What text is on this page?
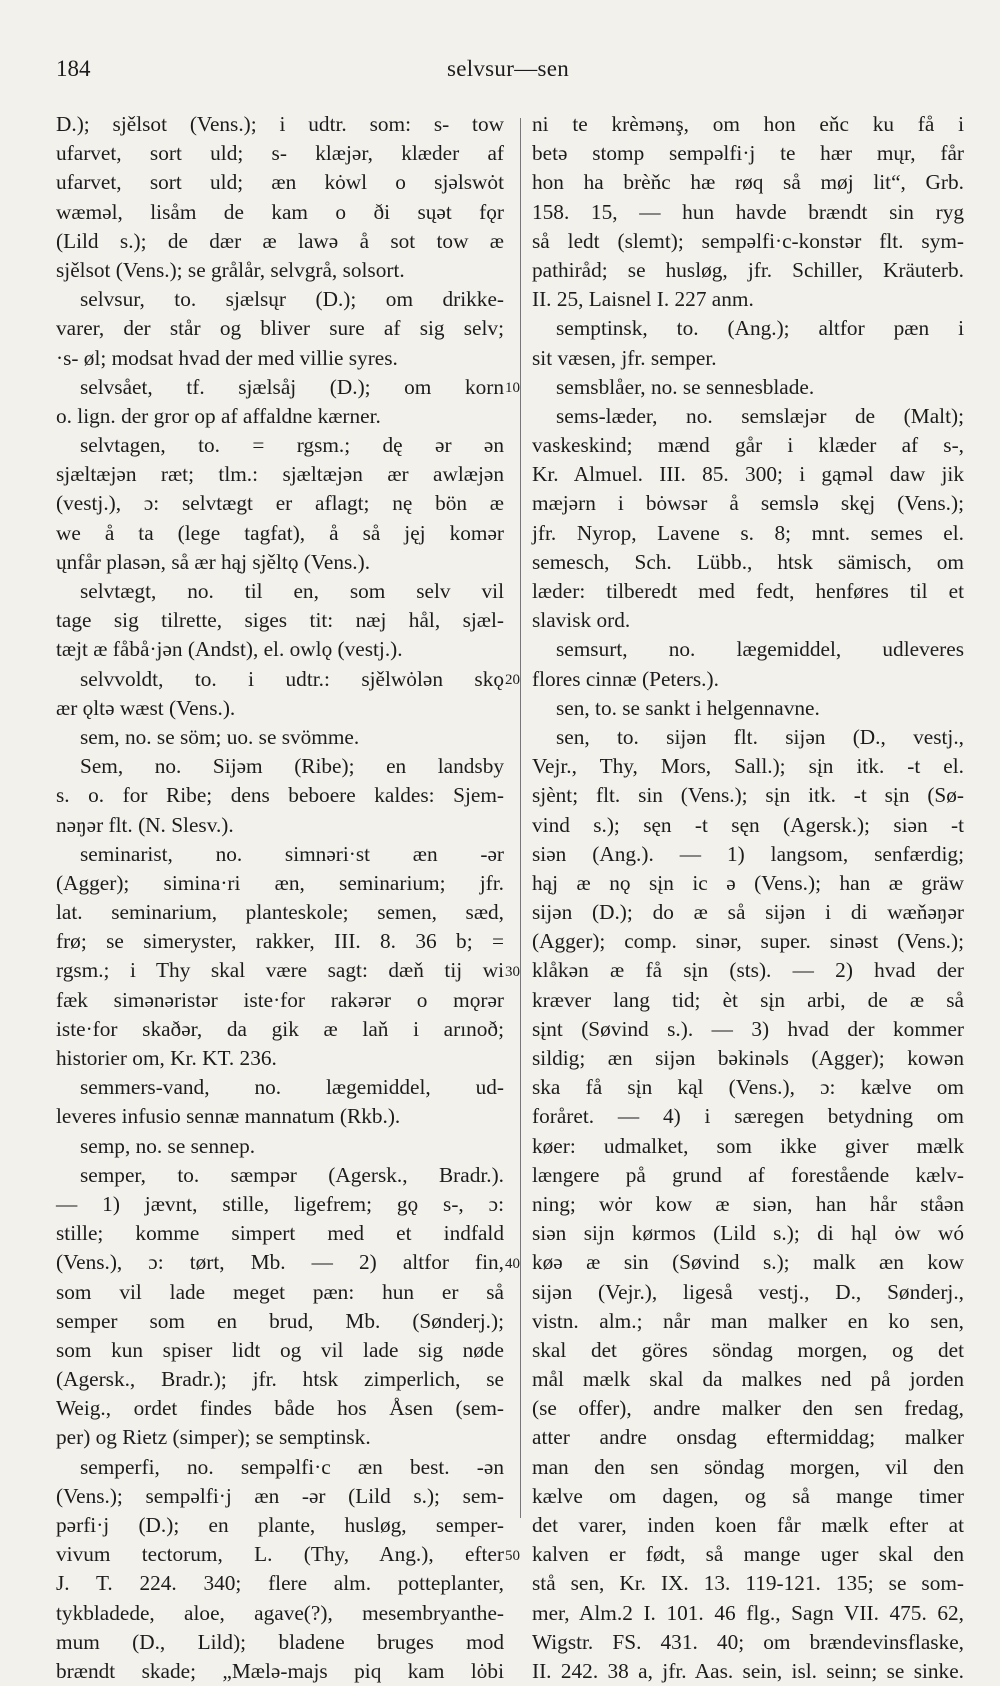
184	selvsur—sen
D.); sjělsot (Vens.); i udtr. som: s- tow
ufarvet, sort uld; s- klæjər, klæder af
ufarvet, sort uld; æn kȯwl o sjəlswȯt
wæməl, lisåm de kam o ði sųət fǫr
(Lild s.); de dær æ lawə å sot tow æ
sjělsot (Vens.); se grålår, selvgrå, solsort.
selvsur, to. sjælsųr (D.); om drikke-
varer, der står og bliver sure af sig selv;
·s- øl; modsat hvad der med villie syres.
selvsået, tf. sjælsåj (D.); om korn
o. lign. der gror op af affaldne kærner.
selvtagen, to. = rgsm.; dę ər ən
sjæltæjən ræt; tlm.: sjæltæjən ær awlæjən
(vestj.), ɔ: selvtægt er aflagt; nę bön æ
we å ta (lege tagfat), å så jęj komər
ųnfår plasən, så ær hąj sjěltǫ (Vens.).
selvtægt, no. til en, som selv vil
tage sig tilrette, siges tit: næj hål, sjæl-
tæjt æ fåbå·jən (Andst), el. owlǫ (vestj.).
selvvoldt, to. i udtr.: sjělwȯlən skǫ
ær ǫltə wæst (Vens.).
sem, no. se söm; uo. se svömme.
Sem, no. Sijəm (Ribe); en landsby
s. o. for Ribe; dens beboere kaldes: Sjem-
nəŋər flt. (N. Slesv.).
seminarist, no. simnəri·st æn -ər
(Agger); simina·ri æn, seminarium; jfr.
lat. seminarium, planteskole; semen, sæd,
frø; se simeryster, rakker, III. 8. 36 b; =
rgsm.; i Thy skal være sagt: dæň tij wi
fæk simənəristər iste·for rakərər o mǫrər
iste·for skaðər, da gik æ laň i arınoð;
historier om, Kr. KT. 236.
semmers-vand, no. lægemiddel, ud-
leveres infusio sennæ mannatum (Rkb.).
semp, no. se sennep.
semper, to. sæmpər (Agersk., Bradr.).
— 1) jævnt, stille, ligefrem; gǫ s-, ɔ:
stille; komme simpert med et indfald
(Vens.), ɔ: tørt, Mb. — 2) altfor fin,
som vil lade meget pæn: hun er så
semper som en brud, Mb. (Sønderj.);
som kun spiser lidt og vil lade sig nøde
(Agersk., Bradr.); jfr. htsk zimperlich, se
Weig., ordet findes både hos Åsen (sem-
per) og Rietz (simper); se semptinsk.
semperfi, no. sempəlfi·c æn best. -ən
(Vens.); sempəlfi·j æn -ər (Lild s.); sem-
pərfi·j (D.); en plante, husløg, semper-
vivum tectorum, L. (Thy, Ang.), efter
J. T. 224. 340; flere alm. potteplanter,
tykbladede, aloe, agave(?), mesembryanthe-
mum (D., Lild); bladene bruges mod
brændt skade; „Mælə-majs piq kam lȯbi
ni te krèmənş, om hon eňc ku få i
betə stomp sempəlfi·j te hær mųr, får
hon ha brèňc hæ røq så møj lit“, Grb.
158. 15, — hun havde brændt sin ryg
så ledt (slemt); sempəlfi·c-konstər flt. sym-
pathiråd; se husløg, jfr. Schiller, Kräuterb.
II. 25, Laisnel I. 227 anm.
semptinsk, to. (Ang.); altfor pæn i
sit væsen, jfr. semper.
semsblåer, no. se sennesblade.
sems-læder, no. semslæjər de (Malt);
vaskeskind; mænd går i klæder af s-,
Kr. Almuel. III. 85. 300; i gąməl daw jik
mæjərn i bȯwsər å semslə skęj (Vens.);
jfr. Nyrop, Lavene s. 8; mnt. semes el.
semesch, Sch. Lübb., htsk sämisch, om
læder: tilberedt med fedt, henføres til et
slavisk ord.
semsurt, no. lægemiddel, udleveres
flores cinnæ (Peters.).
sen, to. se sankt i helgennavne.
sen, to. sijən flt. sijən (D., vestj.,
Vejr., Thy, Mors, Sall.); sįn itk. -t el.
sjènt; flt. sin (Vens.); sįn itk. -t sįn (Sø-
vind s.); sęn -t sęn (Agersk.); siən -t
siən (Ang.). — 1) langsom, senfærdig;
hąj æ nǫ sįn ic ə (Vens.); han æ gräw
sijən (D.); do æ så sijən i di wæňəŋər
(Agger); comp. sinər, super. sinəst (Vens.);
klåkən æ få sįn (sts). — 2) hvad der
kræver lang tid; èt sįn arbi, de æ så
sįnt (Søvind s.). — 3) hvad der kommer
sildig; æn sijən bəkinəls (Agger); kowən
ska få sįn kąl (Vens.), ɔ: kælve om
foråret. — 4) i særegen betydning om
køer: udmalket, som ikke giver mælk
længere på grund af forestående kælv-
ning; wȯr kow æ siən, han hår ståən
siən sijn kørmos (Lild s.); di hąl ȯw wó
køə æ sin (Søvind s.); malk æn kow
sijən (Vejr.), ligeså vestj., D., Sønderj.,
vistn. alm.; når man malker en ko sen,
skal det göres söndag morgen, og det
mål mælk skal da malkes ned på jorden
(se offer), andre malker den sen fredag,
atter andre onsdag eftermiddag; malker
man den sen söndag morgen, vil den
kælve om dagen, og så mange timer
det varer, inden koen får mælk efter at
kalven er født, så mange uger skal den
stå sen, Kr. IX. 13. 119-121. 135; se som-
mer, Alm.2 I. 101. 46 flg., Sagn VII. 475. 62,
Wigstr. FS. 431. 40; om brændevinsflaske,
II. 242. 38 a, jfr. Aas. sein, isl. seinn; se sinke.
10
20
30
40
50
